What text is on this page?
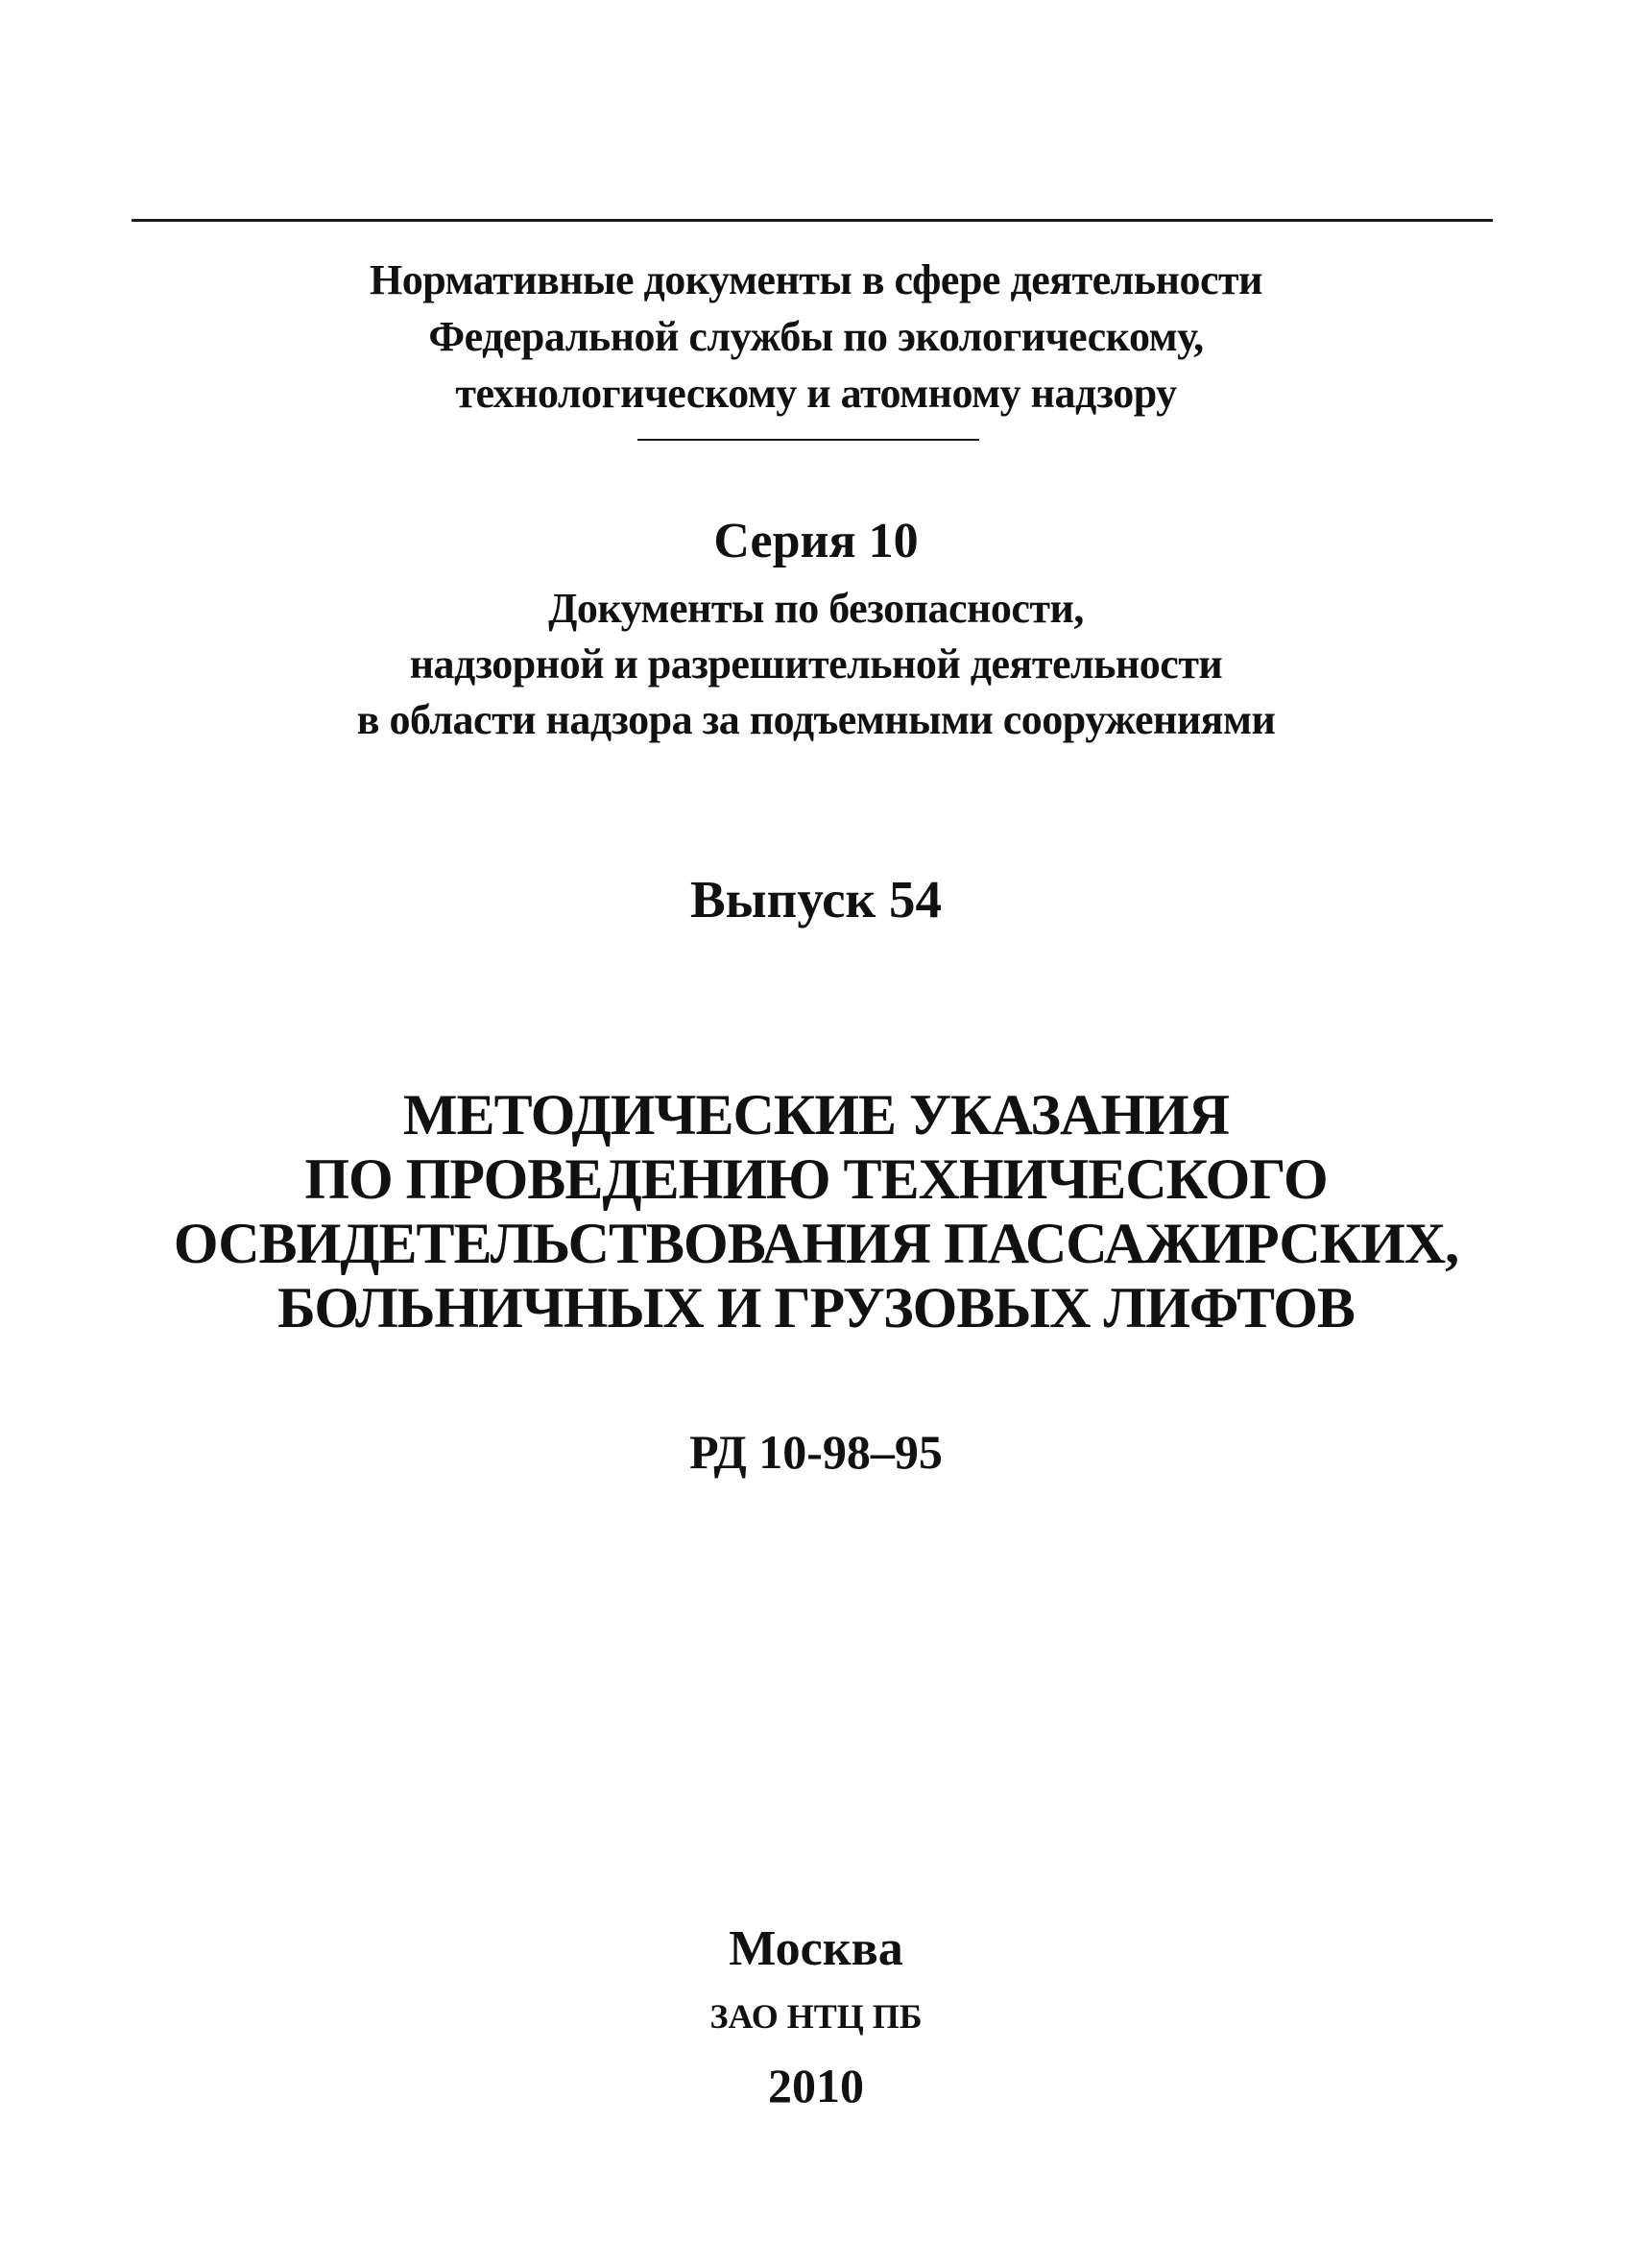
Нормативные документы в сфере деятельности
Федеральной службы по экологическому,
технологическому и атомному надзору
Серия 10
Документы по безопасности,
надзорной и разрешительной деятельности
в области надзора за подъемными сооружениями
Выпуск 54
МЕТОДИЧЕСКИЕ УКАЗАНИЯ
ПО ПРОВЕДЕНИЮ ТЕХНИЧЕСКОГО
ОСВИДЕТЕЛЬСТВОВАНИЯ ПАССАЖИРСКИХ,
БОЛЬНИЧНЫХ И ГРУЗОВЫХ ЛИФТОВ
РД 10-98–95
Москва
ЗАО НТЦ ПБ
2010
